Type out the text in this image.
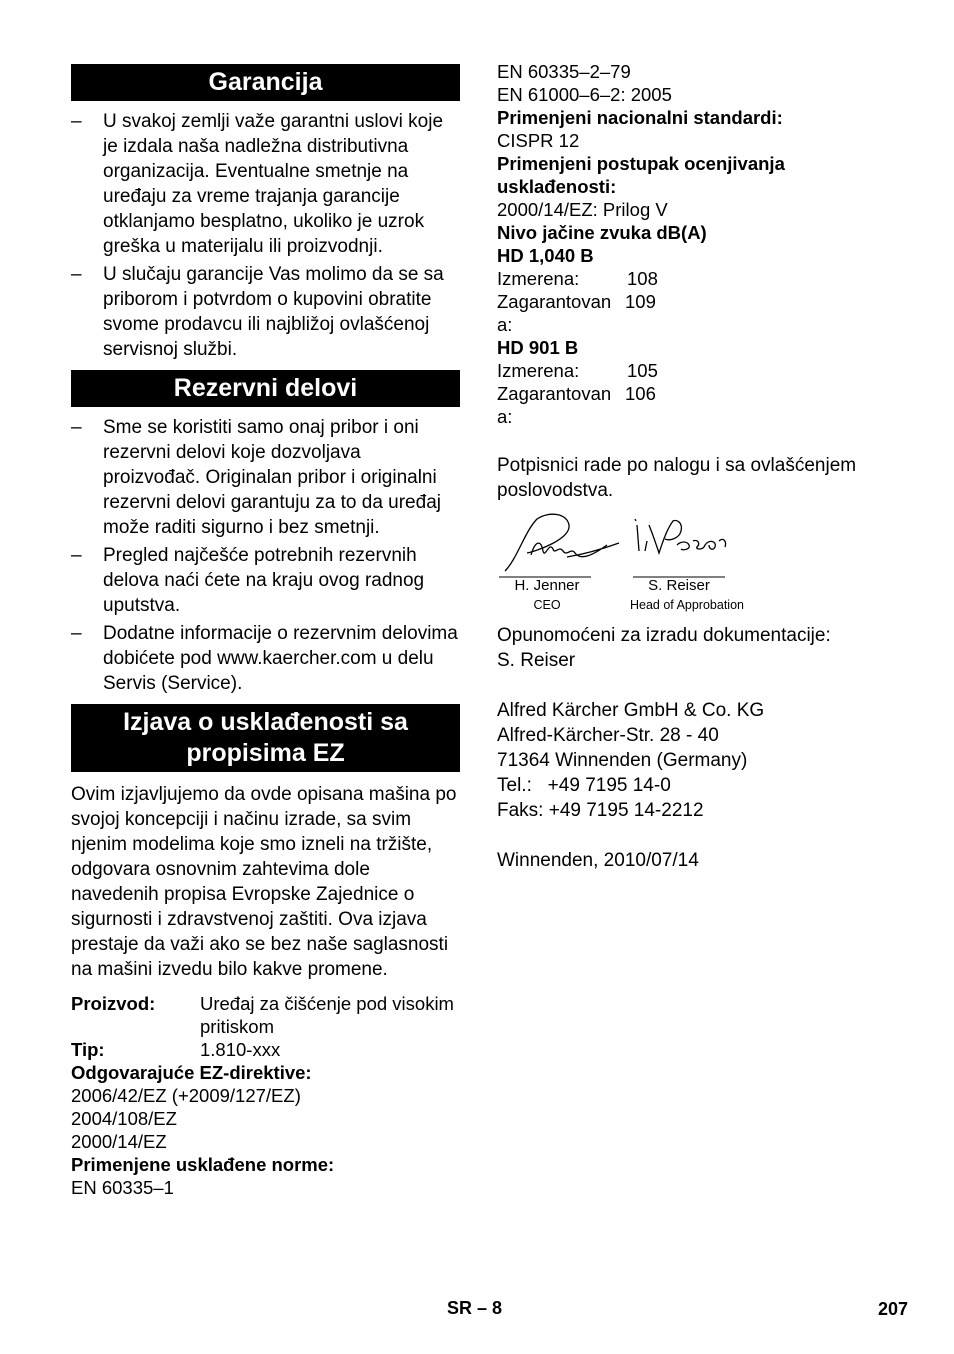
Garancija
–	U svakoj zemlji važe garantni uslovi koje je izdala naša nadležna distributivna organizacija. Eventualne smetnje na uređaju za vreme trajanja garancije otklanjamo besplatno, ukoliko je uzrok greška u materijalu ili proizvodnji.
–	U slučaju garancije Vas molimo da se sa priborom i potvrdom o kupovini obratite svome prodavcu ili najbližoj ovlašćenoj servisnoj službi.
Rezervni delovi
–	Sme se koristiti samo onaj pribor i oni rezervni delovi koje dozvoljava proizvođač. Originalan pribor i originalni rezervni delovi garantuju za to da uređaj može raditi sigurno i bez smetnji.
–	Pregled najčešće potrebnih rezervnih delova naći ćete na kraju ovog radnog uputstva.
–	Dodatne informacije o rezervnim delovima dobićete pod www.kaercher.com u delu Servis (Service).
Izjava o usklađenosti sa
propisima EZ

Ovim izjavljujemo da ovde opisana mašina po svojoj koncepciji i načinu izrade, sa svim njenim modelima koje smo izneli na tržište, odgovara osnovnim zahtevima dole navedenih propisa Evropske Zajednice o sigurnosti i zdravstvenoj zaštiti. Ova izjava prestaje da važi ako se bez naše saglasnosti na mašini izvedu bilo kakve promene.

Proizvod:	Uređaj za čišćenje pod visokim pritiskom
Tip:	1.810-xxx
Odgovarajuće EZ-direktive:
2006/42/EZ (+2009/127/EZ)
2004/108/EZ
2000/14/EZ
Primenjene usklađene norme:
EN 60335–1
EN 60335–2–79
EN 61000–6–2: 2005
Primenjeni nacionalni standardi:
CISPR 12
Primenjeni postupak ocenjivanja usklađenosti:
2000/14/EZ: Prilog V
Nivo jačine zvuka dB(A)
HD 1,040 B
Izmerena:	108
Zagarantovana:
109
HD 901 B
Izmerena:	105
Zagarantovana:
106
Potpisnici rade po nalogu i sa ovlašćenjem poslovodstva.
H. Jenner
CEO
S. Reiser
Head of Approbation
Opunomoćeni za izradu dokumentacije:
S. Reiser
Alfred Kärcher GmbH & Co. KG
Alfred-Kärcher-Str. 28 - 40
71364 Winnenden (Germany)
Tel.:   +49 7195 14-0
Faks: +49 7195 14-2212
Winnenden, 2010/07/14
SR – 8	207
